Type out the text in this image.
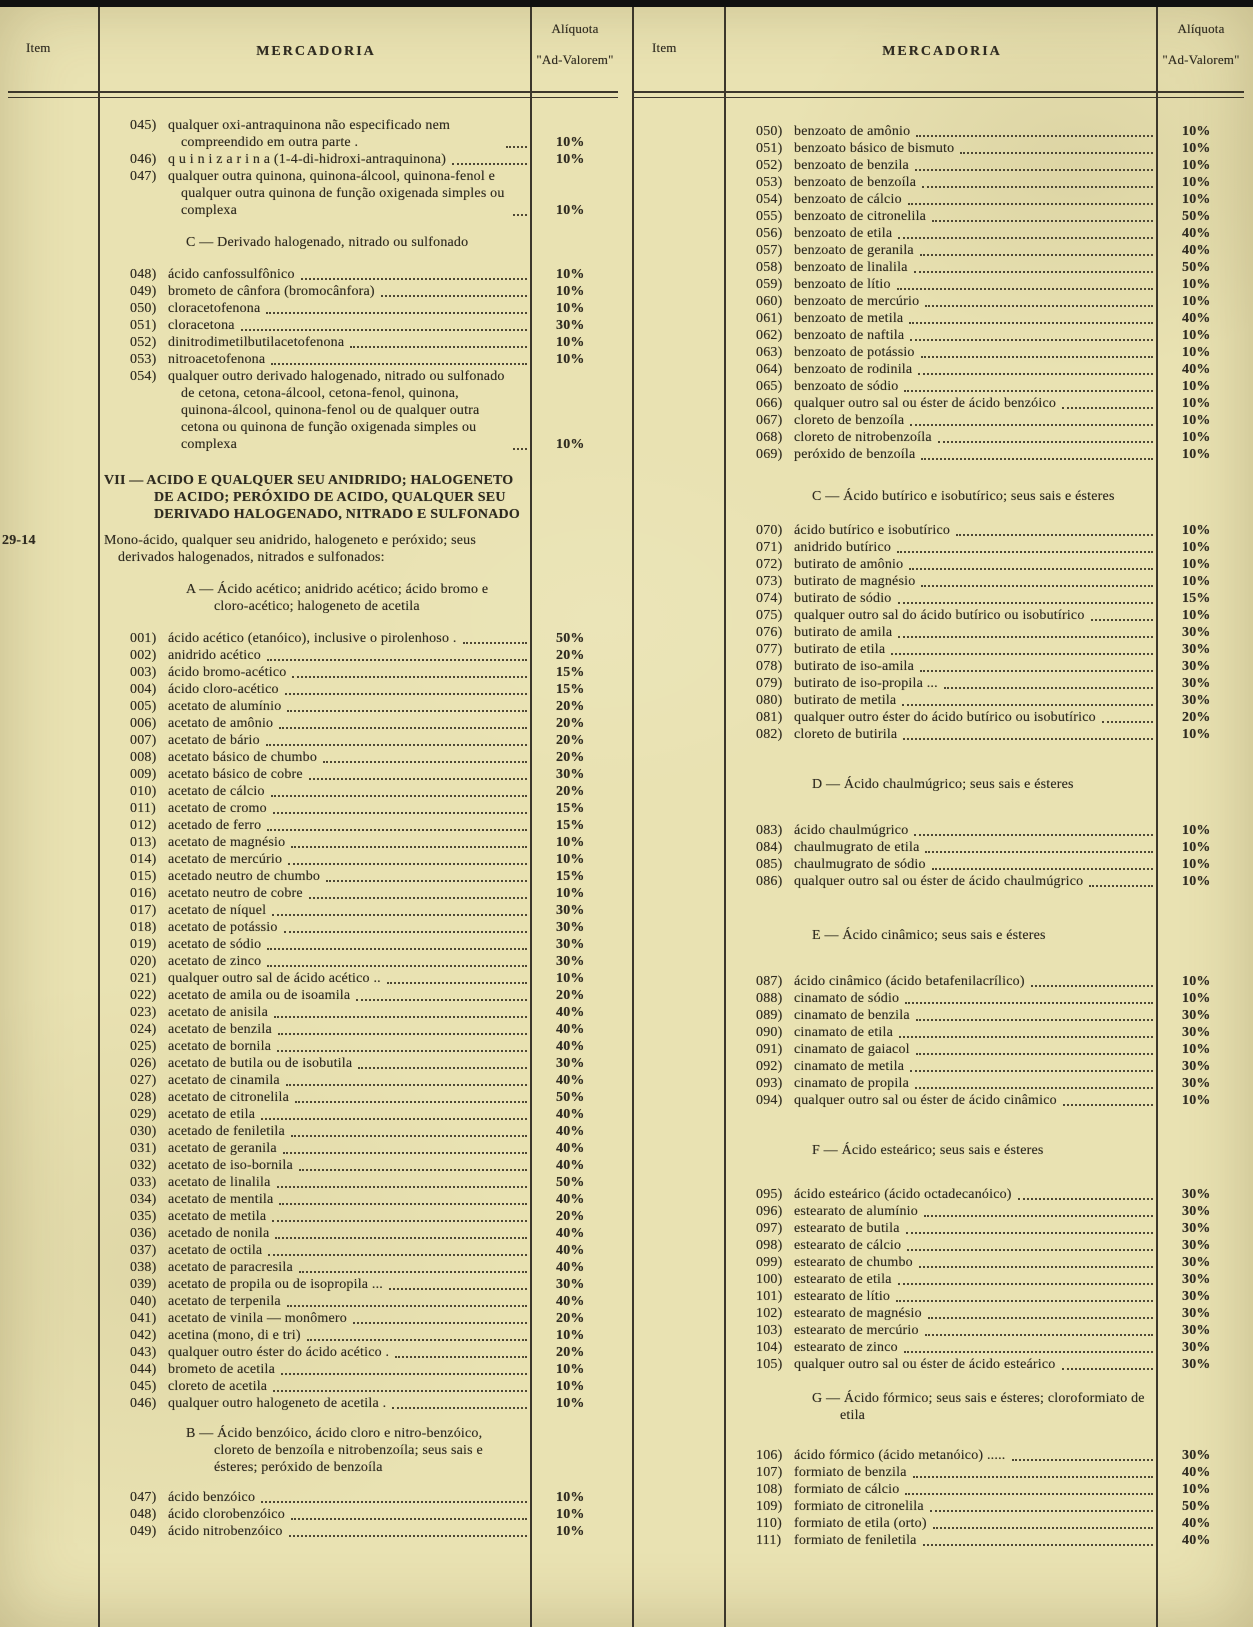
Item	MERCADORIA
Alíquota
"Ad-Valorem"
045) qualquer oxi-antraquinona não especificado nem compreendido em outra parte .	10%
046) q u i n i z a r i n a (1-4-di-hidroxi-antraquinona)	10%
047) qualquer outra quinona, quinona-álcool, quinona-fenol e qualquer outra quinona de função oxigenada simples ou complexa	10%
C — Derivado halogenado, nitrado ou sulfonado
048) ácido canfossulfônico	10%
049) brometo de cânfora (bromocânfora)	10%
050) cloracetofenona	10%
051) cloracetona	30%
052) dinitrodimetilbutilacetofenona	10%
053) nitroacetofenona	10%
054) qualquer outro derivado halogenado, nitrado ou sulfonado de cetona, cetona-álcool, cetona-fenol, quinona, quinona-álcool, quinona-fenol ou de qualquer outra cetona ou quinona de função oxigenada simples ou complexa	10%
VII — ACIDO E QUALQUER SEU ANIDRIDO; HALOGENETO DE ACIDO; PERÓXIDO DE ACIDO, QUALQUER SEU DERIVADO HALOGENADO, NITRADO E SULFONADO
29-14	Mono-ácido, qualquer seu anidrido, halogeneto e peróxido; seus derivados halogenados, nitrados e sulfonados:
A — Ácido acético; anidrido acético; ácido bromo e cloro-acético; halogeneto de acetila
001) ácido acético (etanóico), inclusive o pirolenhoso .	50%
002) anidrido acético	20%
003) ácido bromo-acético	15%
004) ácido cloro-acético	15%
005) acetato de alumínio	20%
006) acetato de amônio	20%
007) acetato de bário	20%
008) acetato básico de chumbo	20%
009) acetato básico de cobre	30%
010) acetato de cálcio	20%
011) acetato de cromo	15%
012) acetado de ferro	15%
013) acetato de magnésio	10%
014) acetato de mercúrio	10%
015) acetado neutro de chumbo	15%
016) acetato neutro de cobre	10%
017) acetato de níquel	30%
018) acetato de potássio	30%
019) acetato de sódio	30%
020) acetato de zinco	30%
021) qualquer outro sal de ácido acético ..	10%
022) acetato de amila ou de isoamila	20%
023) acetato de anisila	40%
024) acetato de benzila	40%
025) acetato de bornila	40%
026) acetato de butila ou de isobutila	30%
027) acetato de cinamila	40%
028) acetato de citronelila	50%
029) acetato de etila	40%
030) acetado de feniletila	40%
031) acetato de geranila	40%
032) acetato de iso-bornila	40%
033) acetato de linalila	50%
034) acetato de mentila	40%
035) acetato de metila	20%
036) acetado de nonila	40%
037) acetato de octila	40%
038) acetato de paracresila	40%
039) acetato de propila ou de isopropila ...	30%
040) acetato de terpenila	40%
041) acetato de vinila — monômero	20%
042) acetina (mono, di e tri)	10%
043) qualquer outro éster do ácido acético .	20%
044) brometo de acetila	10%
045) cloreto de acetila	10%
046) qualquer outro halogeneto de acetila .	10%
B — Ácido benzóico, ácido cloro e nitro-benzóico, cloreto de benzoíla e nitrobenzoíla; seus sais e ésteres; peróxido de benzoíla
047) ácido benzóico	10%
048) ácido clorobenzóico	10%
049) ácido nitrobenzóico	10%
Item	MERCADORIA
Alíquota
"Ad-Valorem"
050) benzoato de amônio	10%
051) benzoato básico de bismuto	10%
052) benzoato de benzila	10%
053) benzoato de benzoíla	10%
054) benzoato de cálcio	10%
055) benzoato de citronelila	50%
056) benzoato de etila	40%
057) benzoato de geranila	40%
058) benzoato de linalila	50%
059) benzoato de lítio	10%
060) benzoato de mercúrio	10%
061) benzoato de metila	40%
062) benzoato de naftila	10%
063) benzoato de potássio	10%
064) benzoato de rodinila	40%
065) benzoato de sódio	10%
066) qualquer outro sal ou éster de ácido benzóico	10%
067) cloreto de benzoíla	10%
068) cloreto de nitrobenzoíla	10%
069) peróxido de benzoíla	10%
C — Ácido butírico e isobutírico; seus sais e ésteres
070) ácido butírico e isobutírico	10%
071) anidrido butírico	10%
072) butirato de amônio	10%
073) butirato de magnésio	10%
074) butirato de sódio	15%
075) qualquer outro sal do ácido butírico ou isobutírico	10%
076) butirato de amila	30%
077) butirato de etila	30%
078) butirato de iso-amila	30%
079) butirato de iso-propila ...	30%
080) butirato de metila	30%
081) qualquer outro éster do ácido butírico ou isobutírico	20%
082) cloreto de butirila	10%
D — Ácido chaulmúgrico; seus sais e ésteres
083) ácido chaulmúgrico	10%
084) chaulmugrato de etila	10%
085) chaulmugrato de sódio	10%
086) qualquer outro sal ou éster de ácido chaulmúgrico	10%
E — Ácido cinâmico; seus sais e ésteres
087) ácido cinâmico (ácido betafenilacrílico)	10%
088) cinamato de sódio	10%
089) cinamato de benzila	30%
090) cinamato de etila	30%
091) cinamato de gaiacol	10%
092) cinamato de metila	30%
093) cinamato de propila	30%
094) qualquer outro sal ou éster de ácido cinâmico	10%
F — Ácido esteárico; seus sais e ésteres
095) ácido esteárico (ácido octadecanóico)	30%
096) estearato de alumínio	30%
097) estearato de butila	30%
098) estearato de cálcio	30%
099) estearato de chumbo	30%
100) estearato de etila	30%
101) estearato de lítio	30%
102) estearato de magnésio	30%
103) estearato de mercúrio	30%
104) estearato de zinco	30%
105) qualquer outro sal ou éster de ácido esteárico	30%
G — Ácido fórmico; seus sais e ésteres; cloroformiato de etila
106) ácido fórmico (ácido metanóico) .....	30%
107) formiato de benzila	40%
108) formiato de cálcio	10%
109) formiato de citronelila	50%
110) formiato de etila (orto)	40%
111) formiato de feniletila	40%
